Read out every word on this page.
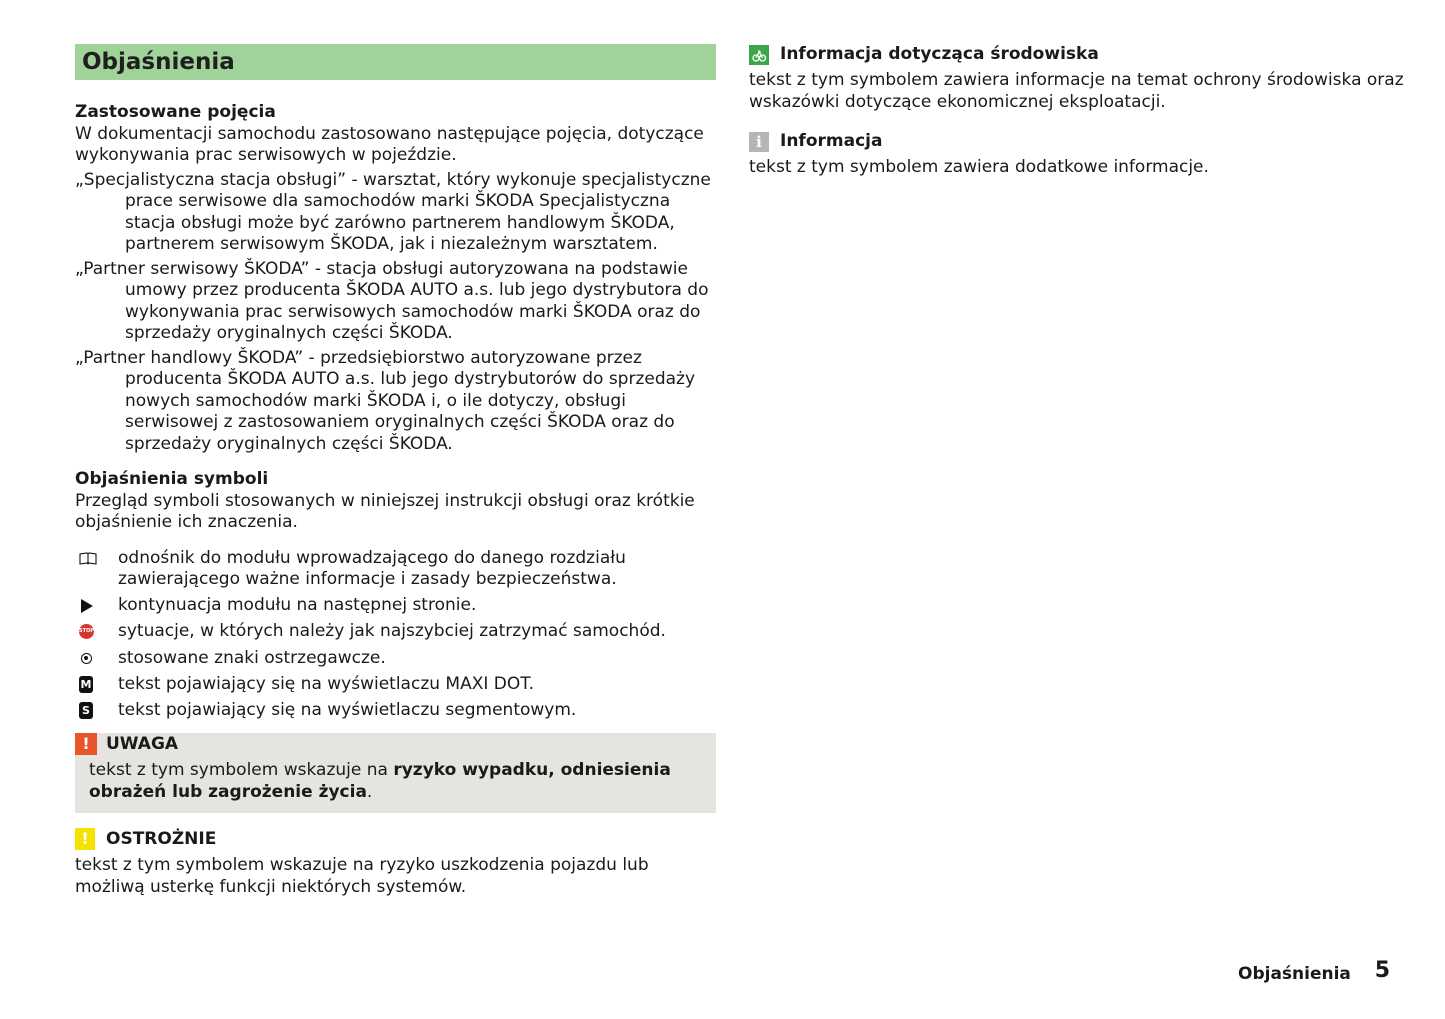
Objaśnienia
Zastosowane pojęcia

W dokumentacji samochodu zastosowano następujące pojęcia, dotyczące wykonywania prac serwisowych w pojeździe.

„Specjalistyczna stacja obsługi” - warsztat, który wykonuje specjalistyczne prace serwisowe dla samochodów marki ŠKODA Specjalistyczna stacja obsługi może być zarówno partnerem handlowym ŠKODA, partnerem serwisowym ŠKODA, jak i niezależnym warsztatem.

„Partner serwisowy ŠKODA” - stacja obsługi autoryzowana na podstawie umowy przez producenta ŠKODA AUTO a.s. lub jego dystrybutora do wykonywania prac serwisowych samochodów marki ŠKODA oraz do sprzedaży oryginalnych części ŠKODA.

„Partner handlowy ŠKODA” - przedsiębiorstwo autoryzowane przez producenta ŠKODA AUTO a.s. lub jego dystrybutorów do sprzedaży nowych samochodów marki ŠKODA i, o ile dotyczy, obsługi serwisowej z zastosowaniem oryginalnych części ŠKODA oraz do sprzedaży oryginalnych części ŠKODA.

Objaśnienia symboli

Przegląd symboli stosowanych w niniejszej instrukcji obsługi oraz krótkie objaśnienie ich znaczenia.

odnośnik do modułu wprowadzającego do danego rozdziału zawierającego ważne informacje i zasady bezpieczeństwa.
kontynuacja modułu na następnej stronie.
STOP sytuacje, w których należy jak najszybciej zatrzymać samochód.
stosowane znaki ostrzegawcze.
M tekst pojawiający się na wyświetlaczu MAXI DOT.
S tekst pojawiający się na wyświetlaczu segmentowym.
! UWAGA
tekst z tym symbolem wskazuje na ryzyko wypadku, odniesienia obrażeń lub zagrożenie życia.
!	OSTROŻNIE
tekst z tym symbolem wskazuje na ryzyko uszkodzenia pojazdu lub możliwą usterkę funkcji niektórych systemów.
Informacja dotycząca środowiska
tekst z tym symbolem zawiera informacje na temat ochrony środowiska oraz wskazówki dotyczące ekonomicznej eksploatacji.
i	Informacja
tekst z tym symbolem zawiera dodatkowe informacje.
Objaśnienia 5
